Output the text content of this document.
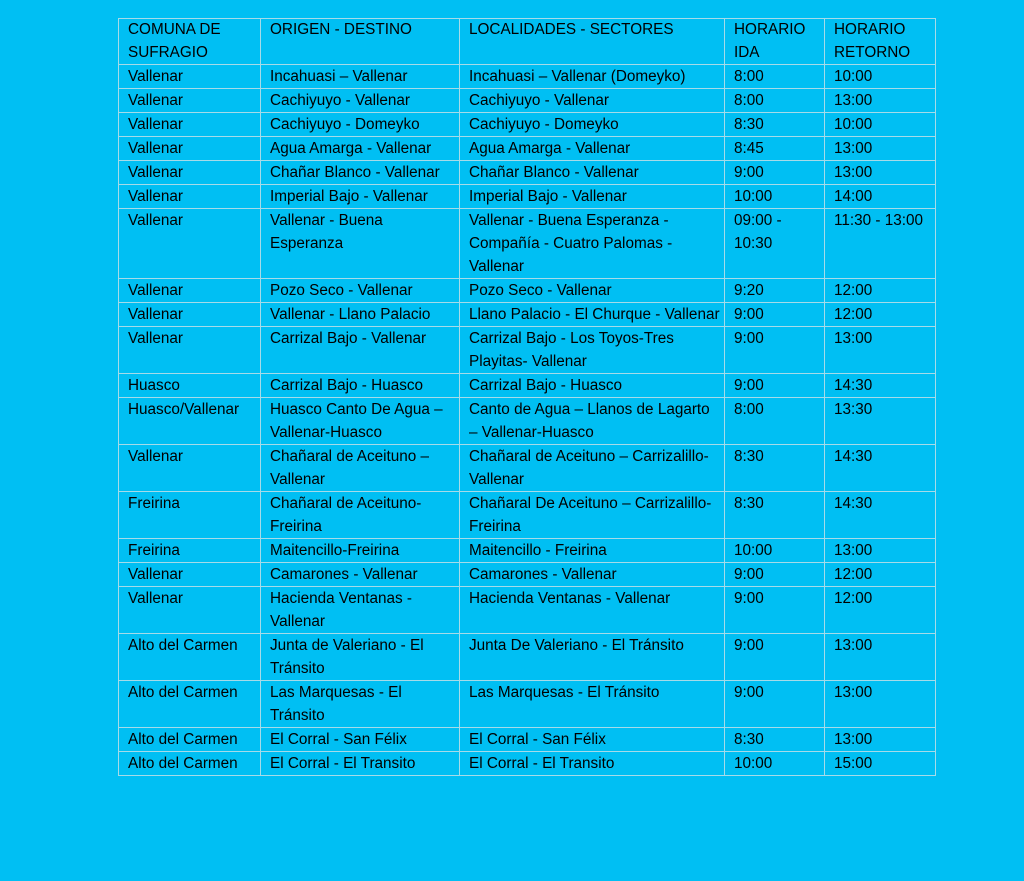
COMUNA DE SUFRAGIO	ORIGEN - DESTINO	LOCALIDADES - SECTORES	HORARIO IDA	HORARIO RETORNO
Vallenar	Incahuasi – Vallenar	Incahuasi – Vallenar (Domeyko)	8:00	10:00
Vallenar	Cachiyuyo - Vallenar	Cachiyuyo - Vallenar	8:00	13:00
Vallenar	Cachiyuyo - Domeyko	Cachiyuyo - Domeyko	8:30	10:00
Vallenar	Agua Amarga - Vallenar	Agua Amarga - Vallenar	8:45	13:00
Vallenar	Chañar Blanco - Vallenar	Chañar Blanco - Vallenar	9:00	13:00
Vallenar	Imperial Bajo - Vallenar	Imperial Bajo - Vallenar	10:00	14:00
Vallenar	Vallenar - Buena Esperanza	Vallenar - Buena Esperanza - Compañía - Cuatro Palomas - Vallenar	09:00 - 10:30	11:30 - 13:00
Vallenar	Pozo Seco - Vallenar	Pozo Seco - Vallenar	9:20	12:00
Vallenar	Vallenar - Llano Palacio	Llano Palacio - El Churque - Vallenar	9:00	12:00
Vallenar	Carrizal Bajo - Vallenar	Carrizal Bajo - Los Toyos-Tres Playitas- Vallenar	9:00	13:00
Huasco	Carrizal Bajo - Huasco	Carrizal Bajo - Huasco	9:00	14:30
Huasco/Vallenar	Huasco Canto De Agua – Vallenar-Huasco	Canto de Agua – Llanos de Lagarto – Vallenar-Huasco	8:00	13:30
Vallenar	Chañaral de Aceituno – Vallenar	Chañaral de Aceituno – Carrizalillo-Vallenar	8:30	14:30
Freirina	Chañaral de Aceituno-Freirina	Chañaral De Aceituno – Carrizalillo-Freirina	8:30	14:30
Freirina	Maitencillo-Freirina	Maitencillo - Freirina	10:00	13:00
Vallenar	Camarones - Vallenar	Camarones - Vallenar	9:00	12:00
Vallenar	Hacienda Ventanas - Vallenar	Hacienda Ventanas - Vallenar	9:00	12:00
Alto del Carmen	Junta de Valeriano - El Tránsito	Junta De Valeriano - El Tránsito	9:00	13:00
Alto del Carmen	Las Marquesas - El Tránsito	Las Marquesas - El Tránsito	9:00	13:00
Alto del Carmen	El Corral - San Félix	El Corral - San Félix	8:30	13:00
Alto del Carmen	El Corral - El Transito	El Corral - El Transito	10:00	15:00
